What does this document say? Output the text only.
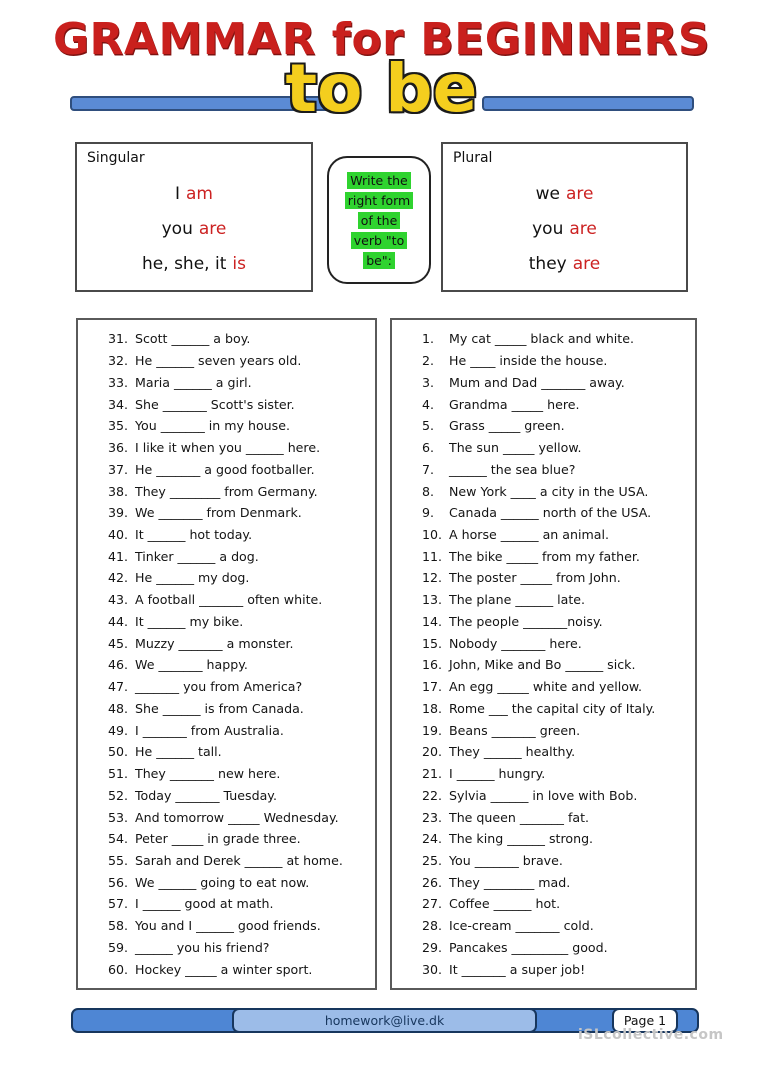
GRAMMAR for BEGINNERS
to be
Singular
I am
you are
he, she, it is
Write the
right form
of the
verb "to
be":
Plural
we are
you are
they are
31. Scott ______ a boy.
32. He ______ seven years old.
33. Maria ______ a girl.
34. She _______ Scott's sister.
35. You _______ in my house.
36. I like it when you ______ here.
37. He _______ a good footballer.
38. They ________ from Germany.
39. We _______ from Denmark.
40. It ______ hot today.
41. Tinker ______ a dog.
42. He ______ my dog.
43. A football _______ often white.
44. It ______ my bike.
45. Muzzy _______ a monster.
46. We _______ happy.
47. _______ you from America?
48. She ______ is from Canada.
49. I _______ from Australia.
50. He ______ tall.
51. They _______ new here.
52. Today _______ Tuesday.
53. And tomorrow _____ Wednesday.
54. Peter _____ in grade three.
55. Sarah and Derek ______ at home.
56. We ______ going to eat now.
57. I ______ good at math.
58. You and I ______ good friends.
59. ______ you his friend?
60. Hockey _____ a winter sport.
1.	My cat _____ black and white.
2.	He ____ inside the house.
3.	Mum and Dad _______ away.
4.	Grandma _____ here.
5.	Grass _____ green.
6.	The sun _____ yellow.
7.	______ the sea blue?
8.	New York ____ a city in the USA.
9.	Canada ______ north of the USA.
10. A horse ______ an animal.
11. The bike _____ from my father.
12. The poster _____ from John.
13. The plane ______ late.
14. The people _______noisy.
15. Nobody _______ here.
16. John, Mike and Bo ______ sick.
17. An egg _____ white and yellow.
18. Rome ___ the capital city of Italy.
19. Beans _______ green.
20. They ______ healthy.
21. I ______ hungry.
22. Sylvia ______ in love with Bob.
23. The queen _______ fat.
24. The king ______ strong.
25. You _______ brave.
26. They ________ mad.
27. Coffee ______ hot.
28. Ice-cream _______ cold.
29. Pancakes _________ good.
30. It _______ a super job!
homework@live.dk	Page 1
iSLcollective.com
